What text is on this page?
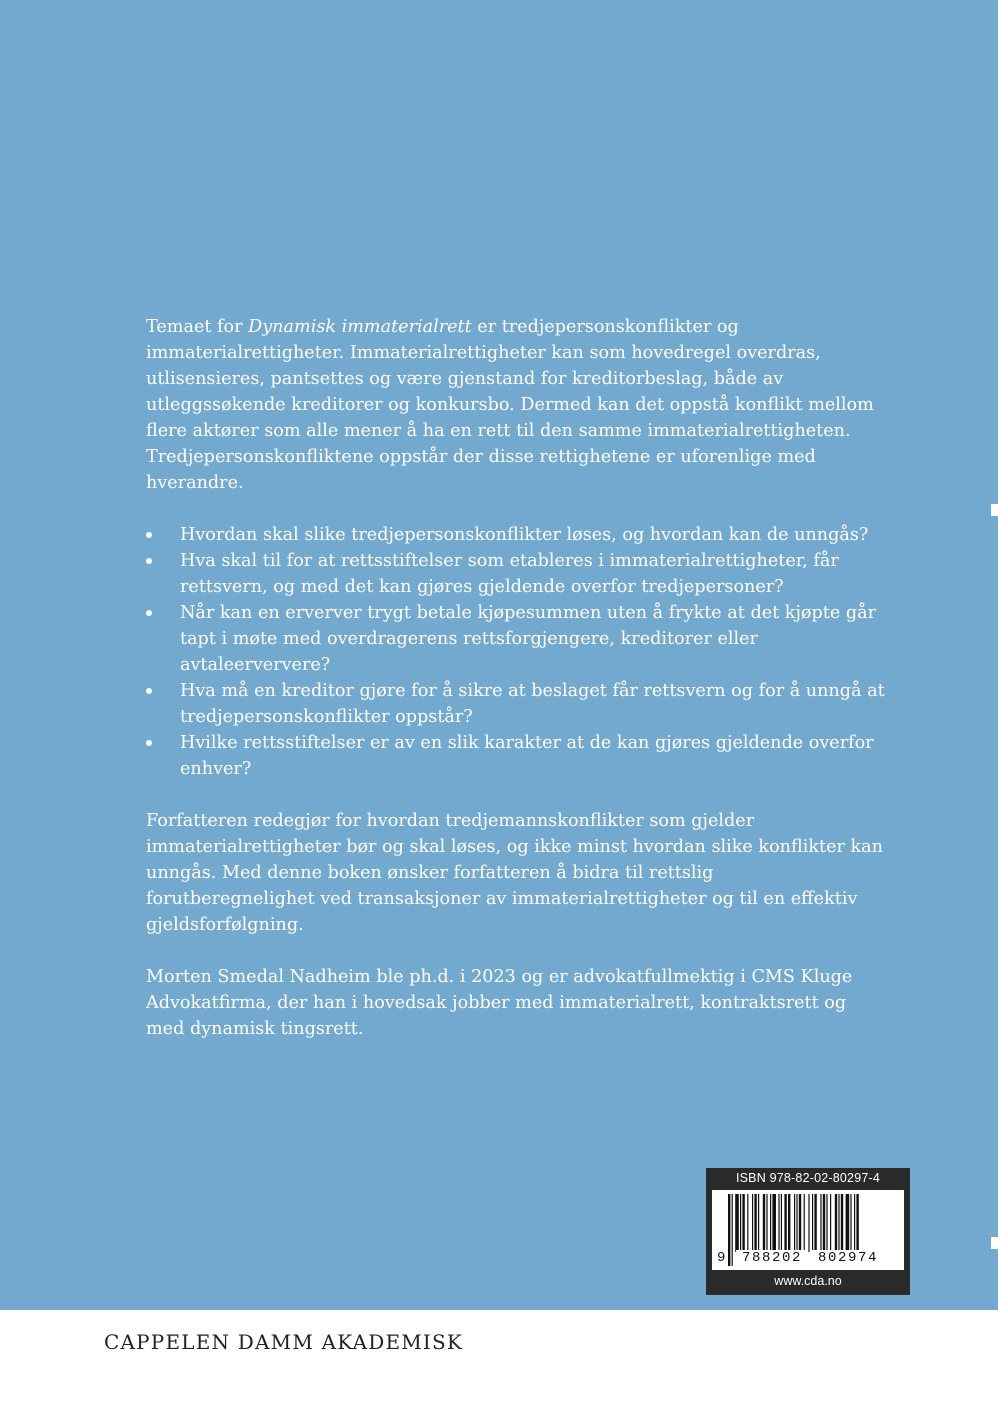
Temaet for Dynamisk immaterialrett er tredjepersonskonflikter og immaterialrettigheter. Immaterialrettigheter kan som hovedregel overdras, utlisensieres, pantsettes og være gjenstand for kreditorbeslag, både av utleggssøkende kreditorer og konkursbo. Dermed kan det oppstå konflikt mellom flere aktører som alle mener å ha en rett til den samme immaterialrettigheten. Tredjepersonskonfliktene oppstår der disse rettighetene er uforenlige med hverandre.

Hvordan skal slike tredjepersonskonflikter løses, og hvordan kan de unngås?
Hva skal til for at rettsstiftelser som etableres i immaterialrettigheter, får rettsvern, og med det kan gjøres gjeldende overfor tredjepersoner?
Når kan en erverver trygt betale kjøpesummen uten å frykte at det kjøpte går tapt i møte med overdragerens rettsforgjengere, kreditorer eller avtaleerververe?
Hva må en kreditor gjøre for å sikre at beslaget får rettsvern og for å unngå at tredjepersonskonflikter oppstår?
Hvilke rettsstiftelser er av en slik karakter at de kan gjøres gjeldende overfor enhver?

Forfatteren redegjør for hvordan tredjemannskonflikter som gjelder immaterialrettigheter bør og skal løses, og ikke minst hvordan slike konflikter kan unngås. Med denne boken ønsker forfatteren å bidra til rettslig forutberegnelighet ved transaksjoner av immaterialrettigheter og til en effektiv gjeldsforfølgning.

Morten Smedal Nadheim ble ph.d. i 2023 og er advokatfullmektig i CMS Kluge Advokatfirma, der han i hovedsak jobber med immaterialrett, kontraktsrett og med dynamisk tingsrett.

ISBN 978-82-02-80297-4
9	788202	802974
www.cda.no
CAPPELEN DAMM AKADEMISK
